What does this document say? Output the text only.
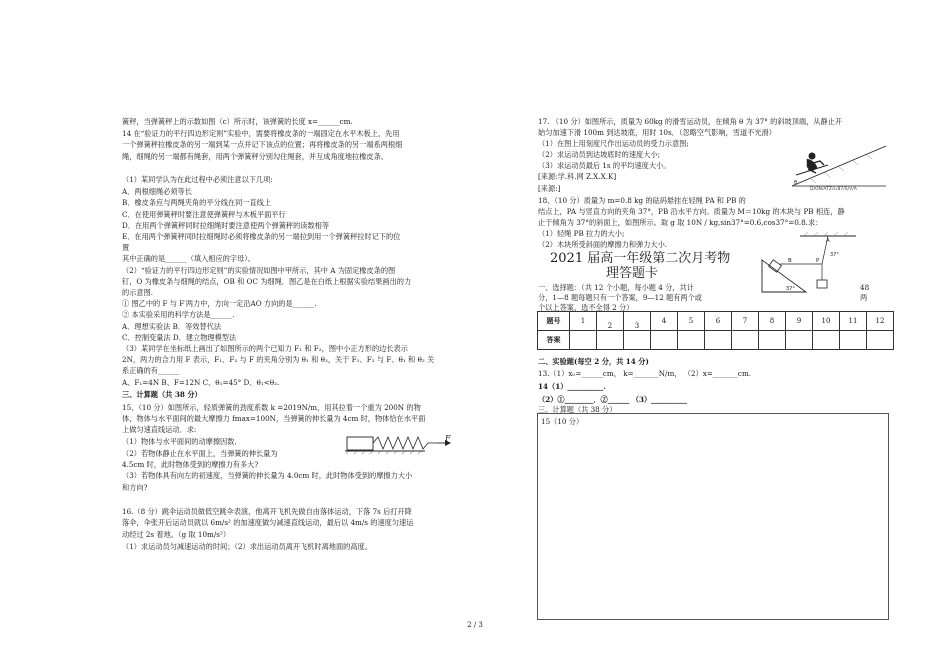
簧秤，当弹簧秤上的示数如图（c）所示时，该弹簧的长度 x=______cm.
14 在“验证力的平行四边形定则”实验中，需要将橡皮条的一端固定在水平木板上，先用
一个弹簧秤拉橡皮条的另一端到某一点并记下该点的位置；再将橡皮条的另一端系两根细
绳，细绳的另一端都有绳套，用两个弹簧秤分别勾住绳套，并互成角度地拉橡皮条。
（1）某同学认为在此过程中必须注意以下几项:
A．两根细绳必须等长
B．橡皮条应与两绳夹角的平分线在同一直线上
C．在使用弹簧秤时要注意使弹簧秤与木板平面平行
D．在用两个弹簧秤同时拉细绳时要注意使两个弹簧秤的读数相等
E．在用两个弹簧秤同时拉细绳时必须将橡皮条的另一端拉到用一个弹簧秤拉时记下的位
置
其中正确的是______（填入相应的字母）。
（2）“验证力的平行四边形定则”的实验情况如图中甲所示，其中 A 为固定橡皮条的图
钉，O 为橡皮条与细绳的结点，OB 和 OC 为细绳．图乙是在白纸上根据实验结果画出的力
的示意图.
① 图乙中的 F 与 F′两力中，方向一定沿AO 方向的是______.
② 本实验采用的科学方法是______.
A．理想实验法 B．等效替代法
C．控制变量法 D．建立物理模型法
（3）某同学在坐标纸上画出了如图所示的两个已知力 F₁ 和 F₂，图中小正方形的边长表示
2N，两力的合力用 F 表示，F₁、F₂ 与 F 的夹角分别为 θ₁ 和 θ₂，关于 F₁、F₂ 与 F、θ₁ 和 θ₂ 关
系正确的有______
A、F₁=4N B、F=12N C、θ₁=45° D、θ₁<θ₂.
三、计算题（共 38 分）
15、（10 分）如图所示，轻质弹簧的劲度系数 k =2019N/m，用其拉着一个重为 200N 的物
体，物体与水平面间的最大摩擦力 fmax=100N，当弹簧的伸长量为 4cm 时，物体恰在水平面
上做匀速直线运动．求:
（1）物体与水平面间的动摩擦因数．
（2）若物体静止在水平面上，当弹簧的伸长量为
4.5cm 时，此时物体受到的摩擦力有多大?
（3）若物体具有向左的初速度，当弹簧的伸长量为 4.0cm 时，此时物体受到的摩擦力大小
和方向?
16.（8 分）跳伞运动员做低空跳伞表演，他离开飞机先做自由落体运动，下落 7s 后打开降
落伞，伞张开后运动员就以 6m/s² 的加速度做匀减速直线运动，最后以 4m/s 的速度匀速运
动经过 2s 着地。（g 取 10m/s²）
（1）求运动员匀减速运动的时间；（2）求出运动员离开飞机时离地面的高度。
F
17. （10 分）如图所示，质量为 60kg 的滑雪运动员，在倾角 θ 为 37° 的斜坡顶端，从静止开
始匀加速下滑 100m 到达坡底，用时 10s．（忽略空气影响，雪道不光滑）
（1）在图上用刻度尺作出运动员的受力示意图;
（2）求运动员到达坡底时的速度大小;
（3）求运动员最后 1s 的平均速度大小。
[来源:学.科.网 Z.X.X.K]
[来源:]
18、（10 分）质量为 m=0.8 kg 的砝码悬挂在轻绳 PA 和 PB 的
结点上，PA 与竖直方向的夹角 37°，PB 沿水平方向。质量为 M＝10kg 的木块与 PB 相连，静
止于倾角为 37°的斜面上，如图所示。取 g 取 10N / kg,sin37°=0.6,cos37°=0.8.求：
（1）轻绳 PB 拉力的大小;
（2）木块所受斜面的摩擦力和弹力大小.
2021 届高一年级第二次月考物
理答题卡
一、选择题：（共 12 个小题，每小题 4 分，共计
分，1—8 题每题只有一个答案，9—12 题有两个或
个以上答案，选不全得 2 分）
48
两
二、实验题(每空 2 分，共 14 分)
13.（1）x₀=______cm， k=_______N/m， （2）x=_______cm.
14（1）__________.
（2）①________．②______ （3）__________
三、计算题（共 38 分）
θ
D/ON/ATZ/L/87/S/V/A
A
37°
B	P
37°
题号	1	2	3	4	5	6	7	8	9	10	11	12
答案												
15（10 分）
2 / 3
